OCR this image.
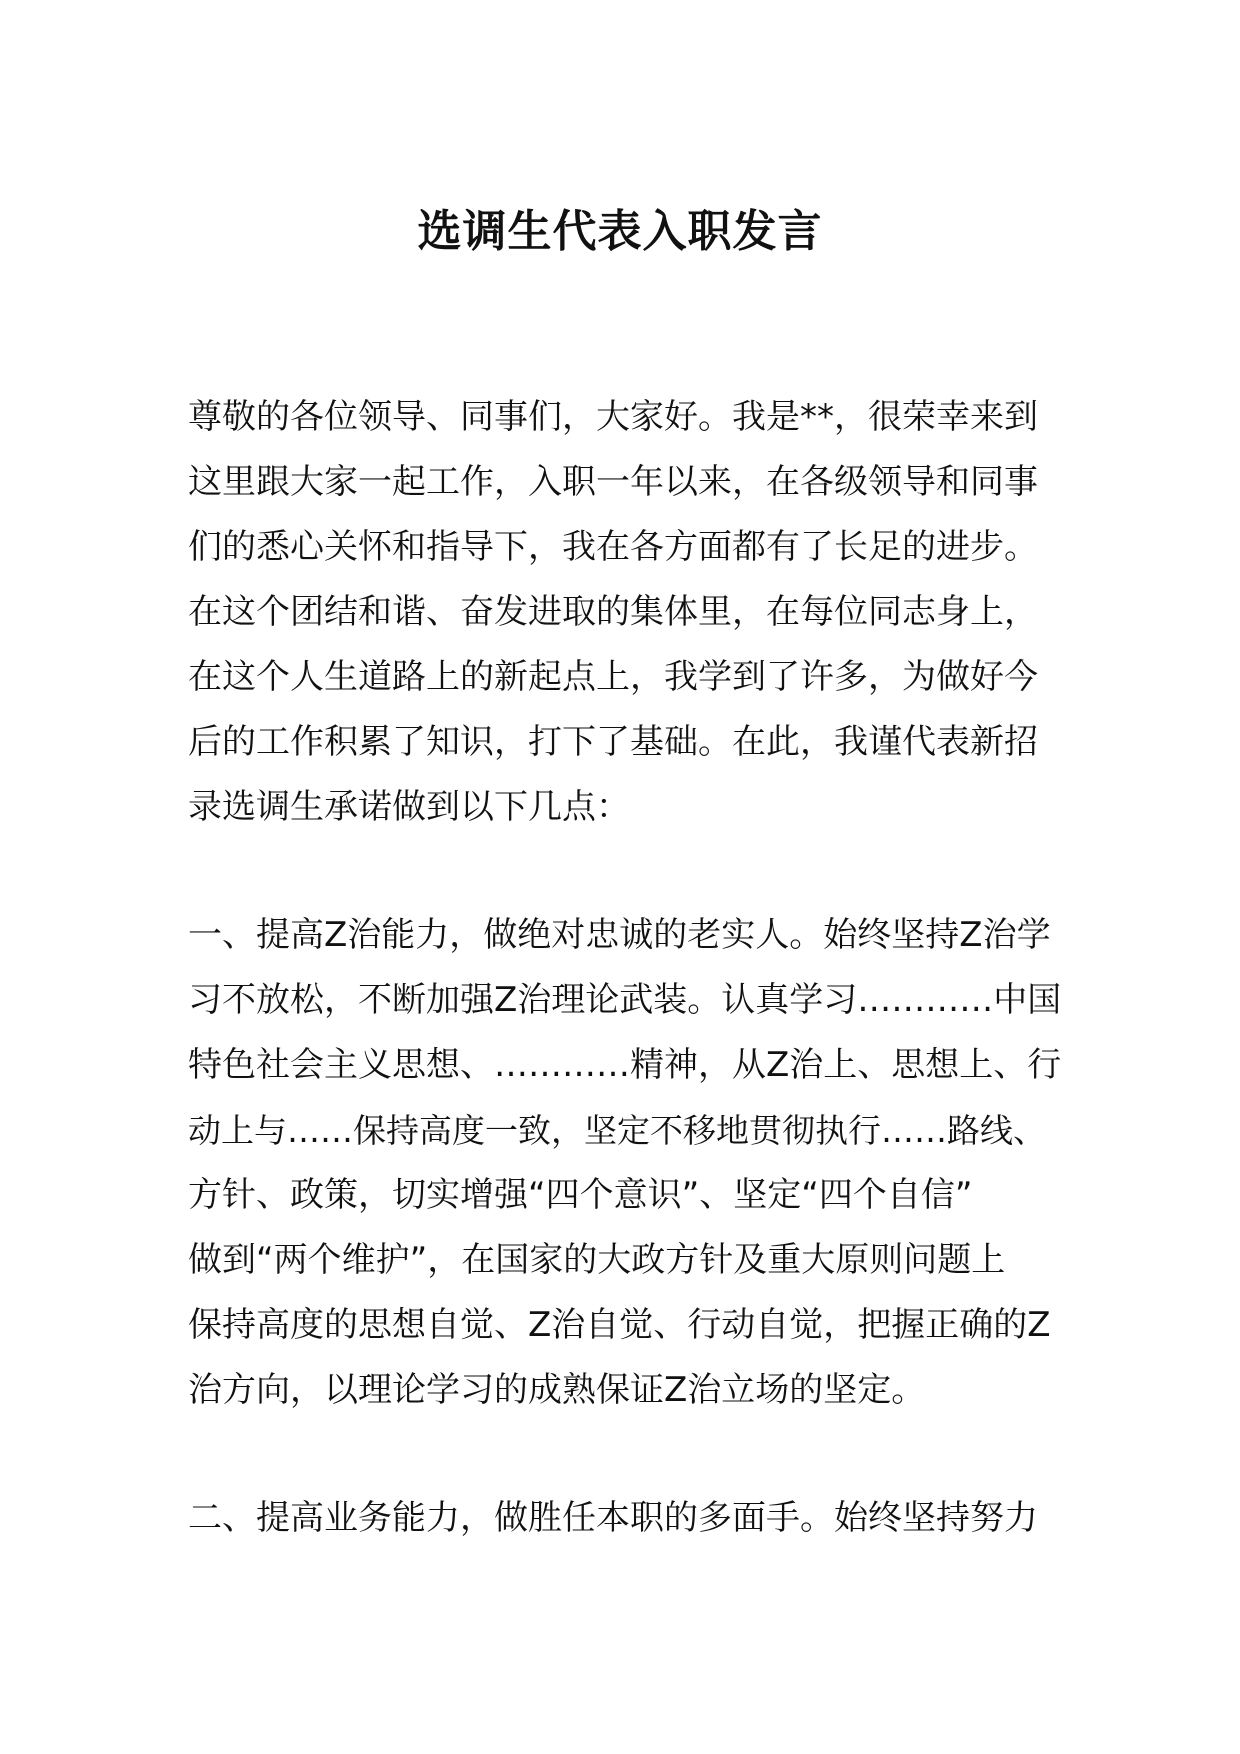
选调生代表入职发言
尊敬的各位领导、同事们，大家好。我是**，很荣幸来到
这里跟大家一起工作，入职一年以来，在各级领导和同事
们的悉心关怀和指导下，我在各方面都有了长足的进步。
在这个团结和谐、奋发进取的集体里，在每位同志身上，
在这个人生道路上的新起点上，我学到了许多，为做好今
后的工作积累了知识，打下了基础。在此，我谨代表新招
录选调生承诺做到以下几点：
一、提高Z治能力，做绝对忠诚的老实人。始终坚持Z治学
习不放松，不断加强Z治理论武装。认真学习…………中国
特色社会主义思想、…………精神，从Z治上、思想上、行
动上与……保持高度一致，坚定不移地贯彻执行……路线、
方针、政策，切实增强“四个意识”、坚定“四个自信”
做到“两个维护”，在国家的大政方针及重大原则问题上
保持高度的思想自觉、Z治自觉、行动自觉，把握正确的Z
治方向，以理论学习的成熟保证Z治立场的坚定。
二、提高业务能力，做胜任本职的多面手。始终坚持努力
